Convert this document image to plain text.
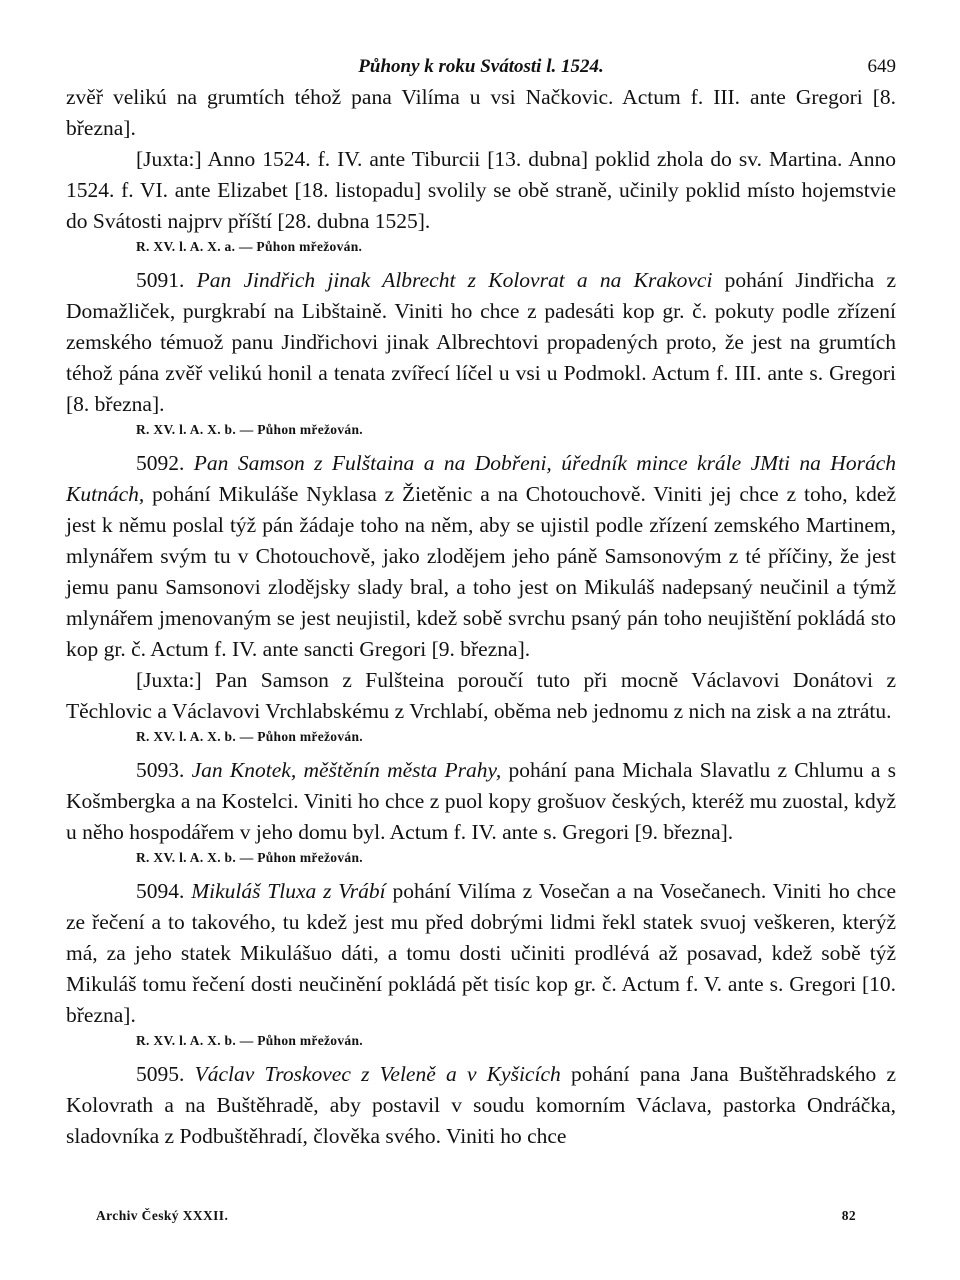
Půhony k roku Svátosti l. 1524.	649

zvěř velikú na grumtích téhož pana Vilíma u vsi Načkovic. Actum f. III. ante Gregori [8. března].

[Juxta:] Anno 1524. f. IV. ante Tiburcii [13. dubna] poklid zhola do sv. Martina. Anno 1524. f. VI. ante Elizabet [18. listopadu] svolily se obě straně, učinily poklid místo hojemstvie do Svátosti najprv příští [28. dubna 1525].

R. XV. l. A. X. a. — Půhon mřežován.

5091. Pan Jindřich jinak Albrecht z Kolovrat a na Krakovci pohání Jindřicha z Domažliček, purgkrabí na Libštaině. Viniti ho chce z padesáti kop gr. č. pokuty podle zřízení zemského témuož panu Jindřichovi jinak Albrechtovi propadených proto, že jest na grumtích téhož pána zvěř velikú honil a tenata zvířecí líčel u vsi u Podmokl. Actum f. III. ante s. Gregori [8. března].

R. XV. l. A. X. b. — Půhon mřežován.

5092. Pan Samson z Fulštaina a na Dobřeni, úředník mince krále JMti na Horách Kutnách, pohání Mikuláše Nyklasa z Žietěnic a na Chotouchově. Viniti jej chce z toho, kdež jest k němu poslal týž pán žádaje toho na něm, aby se ujistil podle zřízení zemského Martinem, mlynářem svým tu v Chotouchově, jako zlodějem jeho páně Samsonovým z té příčiny, že jest jemu panu Samsonovi zlodějsky slady bral, a toho jest on Mikuláš nadepsaný neučinil a týmž mlynářem jmenovaným se jest neujistil, kdež sobě svrchu psaný pán toho neujištění pokládá sto kop gr. č. Actum f. IV. ante sancti Gregori [9. března].

[Juxta:] Pan Samson z Fulšteina poroučí tuto při mocně Václavovi Donátovi z Těchlovic a Václavovi Vrchlabskému z Vrchlabí, oběma neb jednomu z nich na zisk a na ztrátu.

R. XV. l. A. X. b. — Půhon mřežován.

5093. Jan Knotek, měštěnín města Prahy, pohání pana Michala Slavatlu z Chlumu a s Košmbergka a na Kostelci. Viniti ho chce z puol kopy grošuov českých, kteréž mu zuostal, když u něho hospodářem v jeho domu byl. Actum f. IV. ante s. Gregori [9. března].

R. XV. l. A. X. b. — Půhon mřežován.

5094. Mikuláš Tluxa z Vrábí pohání Vilíma z Vosečan a na Vosečanech. Viniti ho chce ze řečení a to takového, tu kdež jest mu před dobrými lidmi řekl statek svuoj veškeren, kterýž má, za jeho statek Mikulášuo dáti, a tomu dosti učiniti prodlévá až posavad, kdež sobě týž Mikuláš tomu řečení dosti neučinění pokládá pět tisíc kop gr. č. Actum f. V. ante s. Gregori [10. března].

R. XV. l. A. X. b. — Půhon mřežován.

5095. Václav Troskovec z Veleně a v Kyšicích pohání pana Jana Buštěhradského z Kolovrath a na Buštěhradě, aby postavil v soudu komorním Václava, pastorka Ondráčka, sladovníka z Podbuštěhradí, člověka svého. Viniti ho chce

Archiv Český XXXII.	82
